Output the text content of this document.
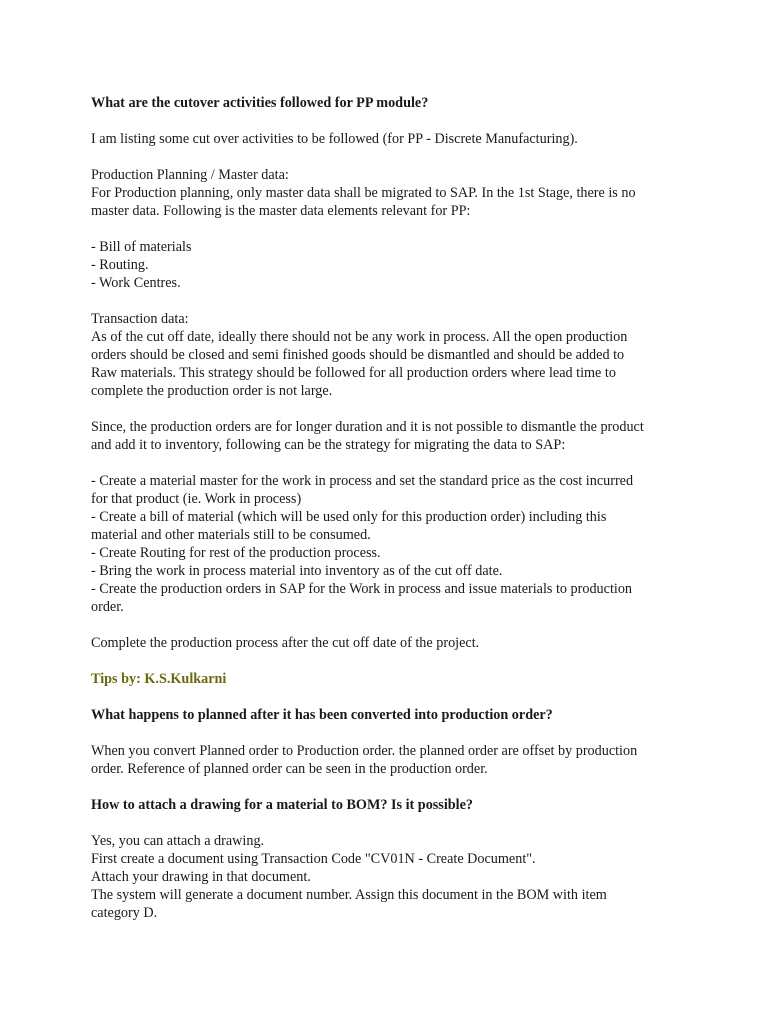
What are the cutover activities followed for PP module?

I am listing some cut over activities to be followed (for PP - Discrete Manufacturing).

Production Planning / Master data:

For Production planning, only master data shall be migrated to SAP. In the 1st Stage, there is no
master data. Following is the master data elements relevant for PP:
- Bill of materials
- Routing.
- Work Centres.

Transaction data:

As of the cut off date, ideally there should not be any work in process. All the open production
orders should be closed and semi finished goods should be dismantled and should be added to
Raw materials. This strategy should be followed for all production orders where lead time to
complete the production order is not large.
Since, the production orders are for longer duration and it is not possible to dismantle the product
and add it to inventory, following can be the strategy for migrating the data to SAP:
- Create a material master for the work in process and set the standard price as the cost incurred
for that product (ie. Work in process)
- Create a bill of material (which will be used only for this production order) including this
material and other materials still to be consumed.
- Create Routing for rest of the production process.
- Bring the work in process material into inventory as of the cut off date.
- Create the production orders in SAP for the Work in process and issue materials to production
order.

Complete the production process after the cut off date of the project.

Tips by: K.S.Kulkarni

What happens to planned after it has been converted into production order?

When you convert Planned order to Production order. the planned order are offset by production
order. Reference of planned order can be seen in the production order.

How to attach a drawing for a material to BOM? Is it possible?

Yes, you can attach a drawing.
First create a document using Transaction Code "CV01N - Create Document".
Attach your drawing in that document.
The system will generate a document number. Assign this document in the BOM with item
category D.
